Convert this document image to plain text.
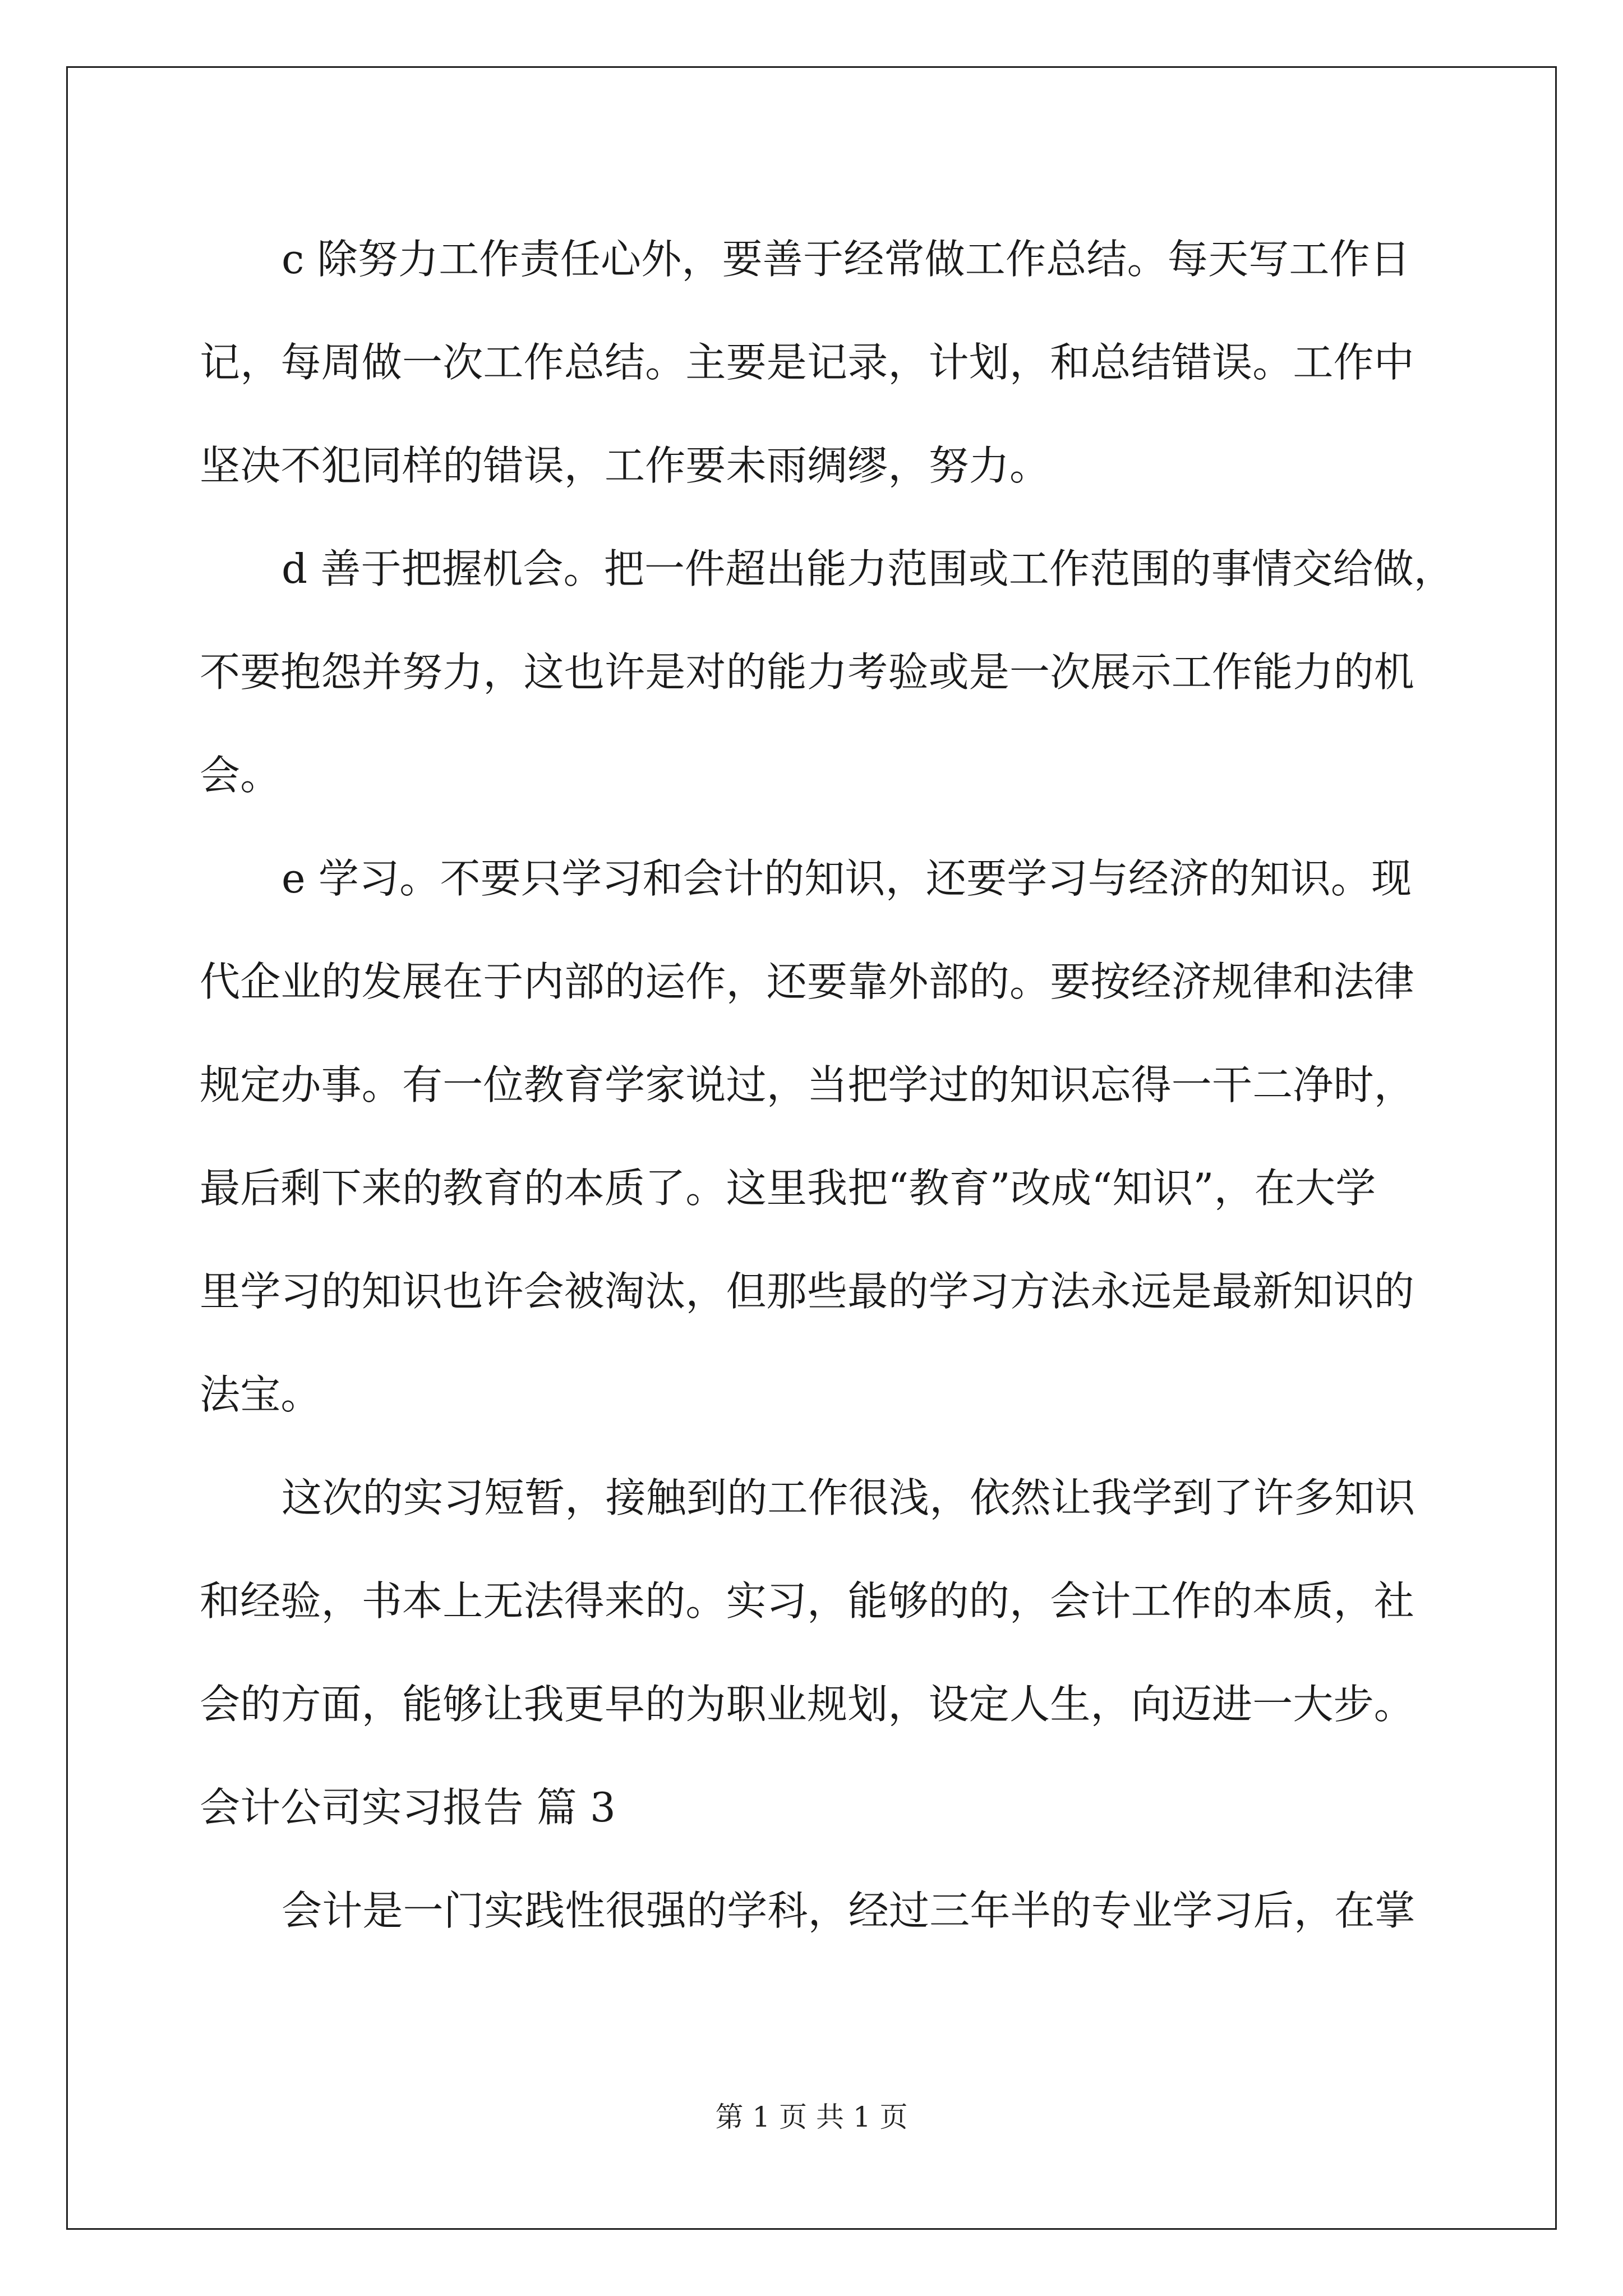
c 除努力工作责任心外，要善于经常做工作总结。每天写工作日
记，每周做一次工作总结。主要是记录，计划，和总结错误。工作中
坚决不犯同样的错误，工作要未雨绸缪，努力。
d 善于把握机会。把一件超出能力范围或工作范围的事情交给做，
不要抱怨并努力，这也许是对的能力考验或是一次展示工作能力的机
会。
e 学习。不要只学习和会计的知识，还要学习与经济的知识。现
代企业的发展在于内部的运作，还要靠外部的。要按经济规律和法律
规定办事。有一位教育学家说过，当把学过的知识忘得一干二净时，
最后剩下来的教育的本质了。这里我把“教育”改成“知识”，在大学
里学习的知识也许会被淘汰，但那些最的学习方法永远是最新知识的
法宝。
这次的实习短暂，接触到的工作很浅，依然让我学到了许多知识
和经验，书本上无法得来的。实习，能够的的，会计工作的本质，社
会的方面，能够让我更早的为职业规划，设定人生，向迈进一大步。
会计公司实习报告 篇 3
会计是一门实践性很强的学科，经过三年半的专业学习后，在掌
第 1 页 共 1 页
